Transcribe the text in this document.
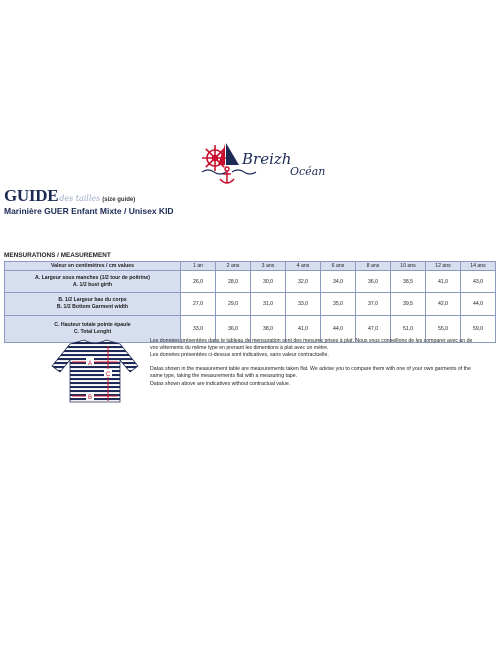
Breizh
Océan
GUIDEdes tailles (size guide)
Marinière GUER Enfant Mixte / Unisex KID
MENSURATIONS / MEASUREMENT
Valeur en centimètres / cm values	1 an	2 ans	3 ans	4 ans	6 ans	8 ans	10 ans	12 ans	14 ans

A. Largeur sous manches (1/2 tour de poitrine)
A. 1/2 bust girth	26,0	28,0	30,0	32,0	34,0	36,0	38,5	41,0	43,0

B. 1/2 Largeur bas du corps
B. 1/2 Bottom Garment width	27,0	29,0	31,0	33,0	35,0	37,0	39,5	42,0	44,0

C. Hauteur totale pointe épaule
C. Total Lenght	33,0	36,0	38,0	41,0	44,0	47,0	51,0	55,0	59,0
A
B
C

Les données présentées dans le tableau de mensuration sont des mesures prises à plat. Nous vous conseillons de les comparer avec un de vos vêtements du même type en prenant les dimentions à plat avec un mètre.

Les données présentées ci-dessus sont indicatives, sans valeur contractuelle.

Datas shown in the measurement table are measurements taken flat. We advise you to compare them with one of your own garments of the same type, taking the measurements flat with a measuring tape.

Datas shown above are indicatives without contractual value.
